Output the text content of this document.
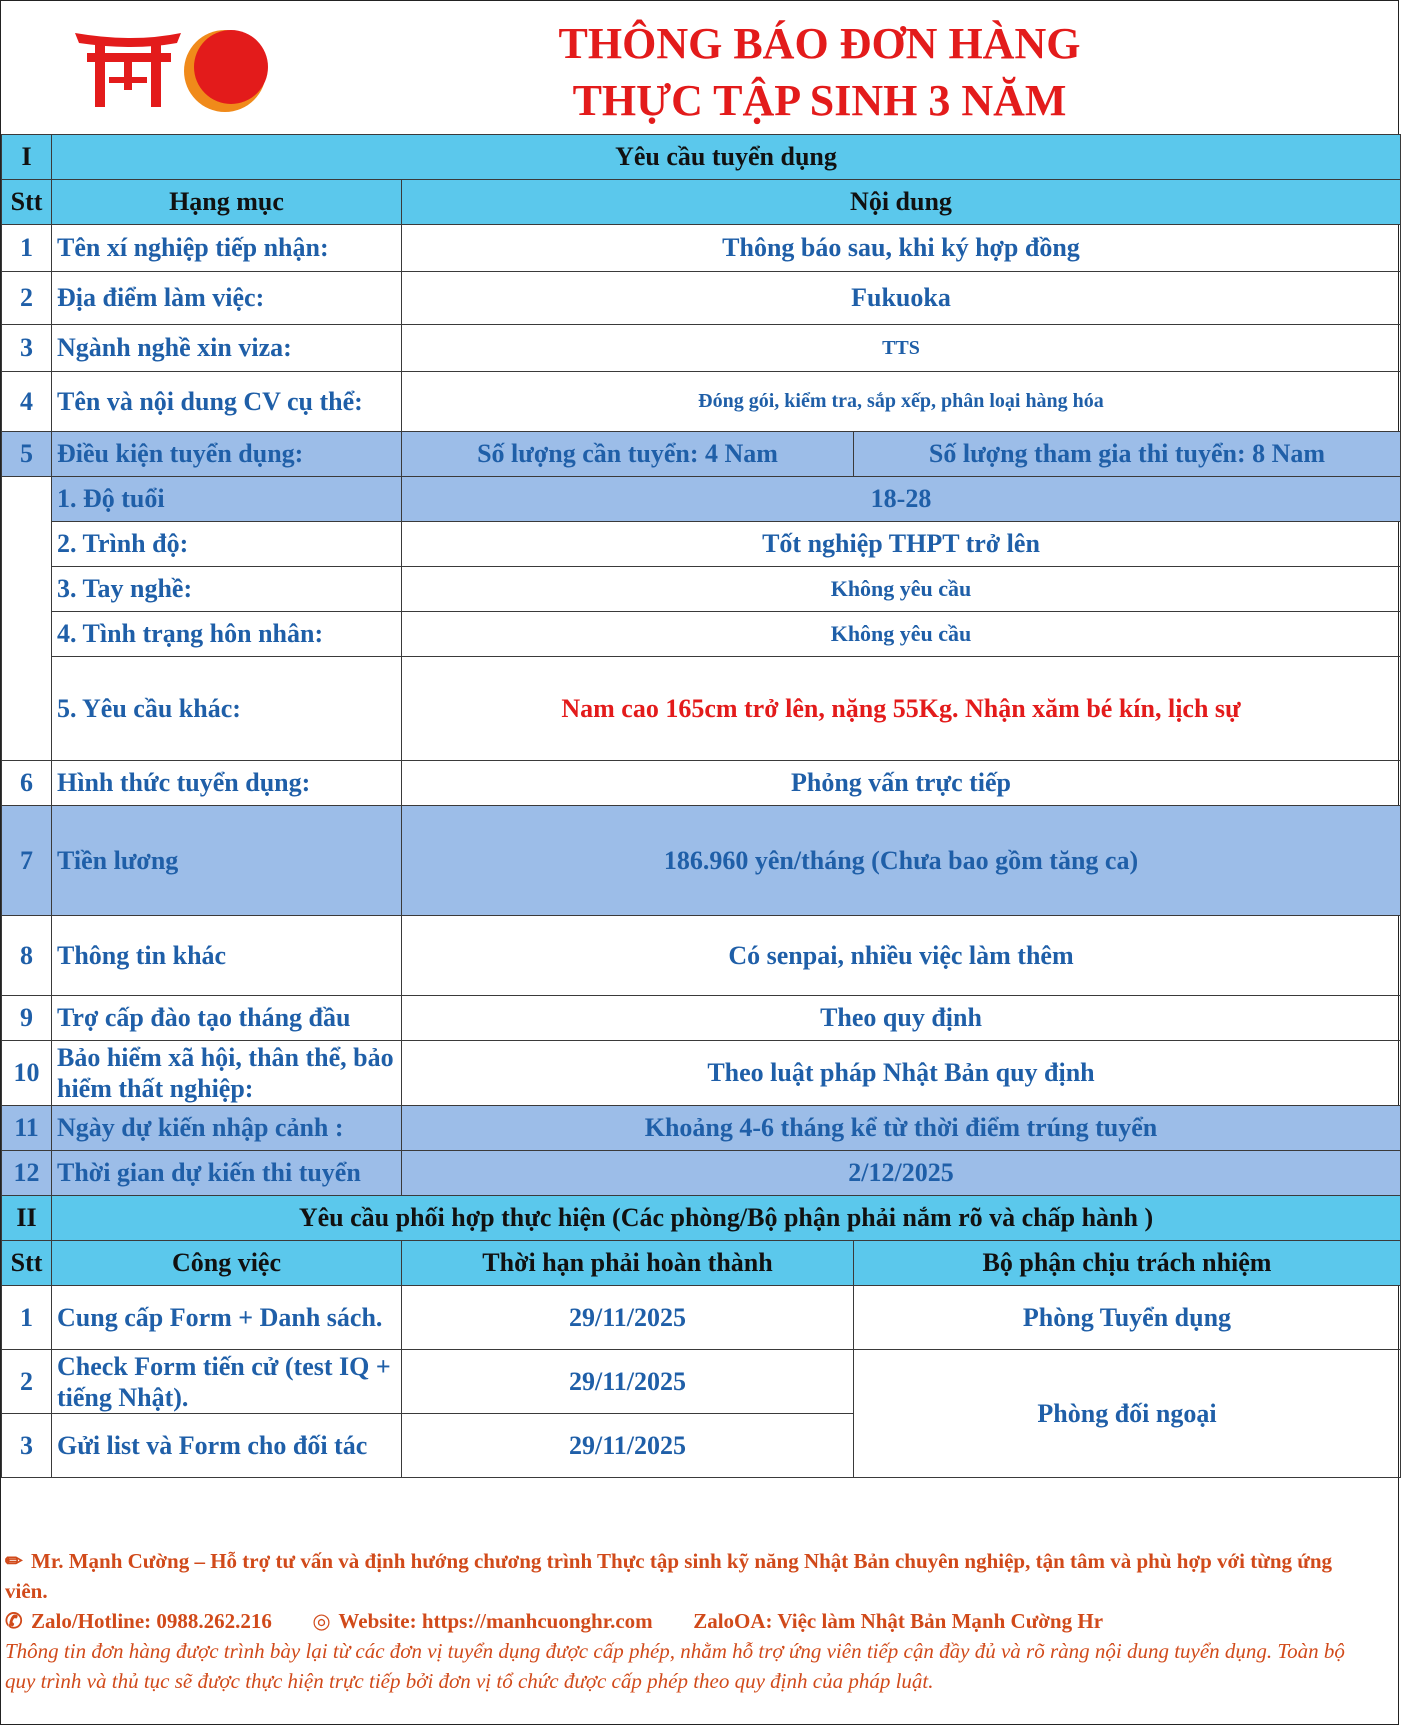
THÔNG BÁO ĐƠN HÀNG
THỰC TẬP SINH 3 NĂM
I	Yêu cầu tuyển dụng		
Stt	Hạng mục	Nội dung	
1	Tên xí nghiệp tiếp nhận:	Thông báo sau, khi ký hợp đồng	
2	Địa điểm làm việc:	Fukuoka	
3	Ngành nghề xin viza:	TTS	
4	Tên và nội dung CV cụ thể:	Đóng gói, kiểm tra, sắp xếp, phân loại hàng hóa	
5	Điều kiện tuyển dụng:	Số lượng cần tuyển: 4 Nam	Số lượng tham gia thi tuyển: 8 Nam
	1. Độ tuổi	18-28	
	2. Trình độ:	Tốt nghiệp THPT trở lên	
	3. Tay nghề:	Không yêu cầu	
	4. Tình trạng hôn nhân:	Không yêu cầu	
	5. Yêu cầu khác:	Nam cao 165cm trở lên, nặng 55Kg. Nhận xăm bé kín, lịch sự	
6	Hình thức tuyển dụng:	Phỏng vấn trực tiếp	
7	Tiền lương	186.960 yên/tháng (Chưa bao gồm tăng ca)	
8	Thông tin khác	Có senpai, nhiều việc làm thêm	
9	Trợ cấp đào tạo tháng đầu	Theo quy định	
10	Bảo hiểm xã hội, thân thể, bảo hiểm thất nghiệp:	Theo luật pháp Nhật Bản quy định	
11	Ngày dự kiến nhập cảnh :	Khoảng 4-6 tháng kể từ thời điểm trúng tuyển	
12	Thời gian dự kiến thi tuyển	2/12/2025	
II	Yêu cầu phối hợp thực hiện (Các phòng/Bộ phận phải nắm rõ và chấp hành )		
Stt	Công việc	Thời hạn phải hoàn thành	Bộ phận chịu trách nhiệm
1	Cung cấp Form + Danh sách.	29/11/2025	Phòng Tuyển dụng
2	Check Form tiến cử (test IQ + tiếng Nhật).	29/11/2025	Phòng đối ngoại
3	Gửi list và Form cho đối tác	29/11/2025	
✏ Mr. Mạnh Cường – Hỗ trợ tư vấn và định hướng chương trình Thực tập sinh kỹ năng Nhật Bản chuyên nghiệp, tận tâm và phù hợp với từng ứng viên.
✆ Zalo/Hotline: 0988.262.216 ◎ Website: https://manhcuonghr.com ZaloOA: Việc làm Nhật Bản Mạnh Cường Hr
Thông tin đơn hàng được trình bày lại từ các đơn vị tuyển dụng được cấp phép, nhằm hỗ trợ ứng viên tiếp cận đầy đủ và rõ ràng nội dung tuyển dụng. Toàn bộ quy trình và thủ tục sẽ được thực hiện trực tiếp bởi đơn vị tổ chức được cấp phép theo quy định của pháp luật.
